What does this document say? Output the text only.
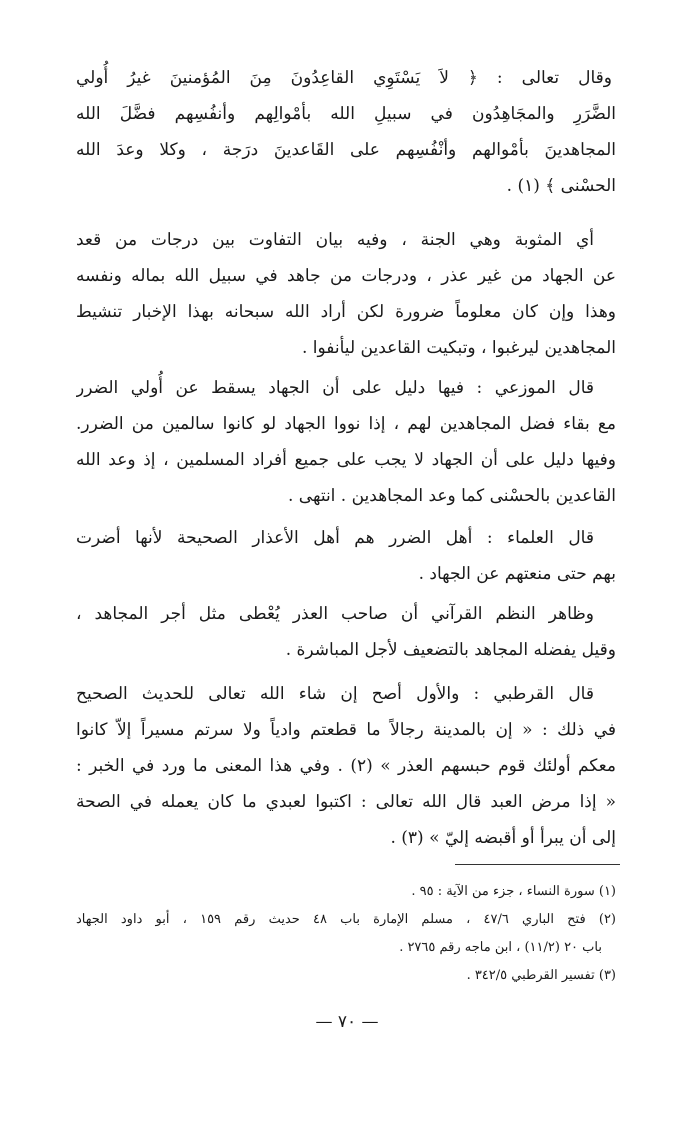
وقال تعالى : ﴿ لاَ يَسْتَوِي القاعِدُونَ مِنَ المُؤمنينَ غيرُ أُولي
الضَّرَرِ والمجَاهِدُون في سبيلِ الله بأمْوالِهم وأنفُسِهم فضَّلَ الله
المجاهدينَ بأمْوالهم وأنْفُسِهم على القَاعدينَ درَجة ، وكلا وعدَ الله
الحسْنى ﴾ (١) .
أي المثوبة وهي الجنة ، وفيه بيان التفاوت بين درجات من قعد
عن الجهاد من غير عذر ، ودرجات من جاهد في سبيل الله بماله ونفسه
وهذا وإن كان معلوماً ضرورة لكن أراد الله سبحانه بهذا الإخبار تنشيط
المجاهدين ليرغبوا ، وتبكيت القاعدين ليأنفوا .
قال الموزعي : فيها دليل على أن الجهاد يسقط عن أُولي الضرر
مع بقاء فضل المجاهدين لهم ، إذا نووا الجهاد لو كانوا سالمين من الضرر.
وفيها دليل على أن الجهاد لا يجب على جميع أفراد المسلمين ، إذ وعد الله
القاعدين بالحسْنى كما وعد المجاهدين . انتهى .
قال العلماء : أهل الضرر هم أهل الأعذار الصحيحة لأنها أضرت
بهم حتى منعتهم عن الجهاد .
وظاهر النظم القرآني أن صاحب العذر يُعْطى مثل أجر المجاهد ،
وقيل يفضله المجاهد بالتضعيف لأجل المباشرة .
قال القرطبي : والأول أصح إن شاء الله تعالى للحديث الصحيح
في ذلك : « إن بالمدينة رجالاً ما قطعتم وادياً ولا سرتم مسيراً إلاّ كانوا
معكم أولئك قوم حبسهم العذر » (٢) . وفي هذا المعنى ما ورد في الخبر :
« إذا مرض العبد قال الله تعالى : اكتبوا لعبدي ما كان يعمله في الصحة
إلى أن يبرأ أو أقبضه إليّ » (٣) .
(١) سورة النساء ، جزء من الآية : ٩٥ .
(٢) فتح الباري ٤٧/٦ ، مسلم الإمارة باب ٤٨ حديث رقم ١٥٩ ، أبو داود الجهاد
باب ٢٠ (١١/٢) ، ابن ماجه رقم ٢٧٦٥ .
(٣) تفسير القرطبي ٣٤٢/٥ .
— ٧٠ —
